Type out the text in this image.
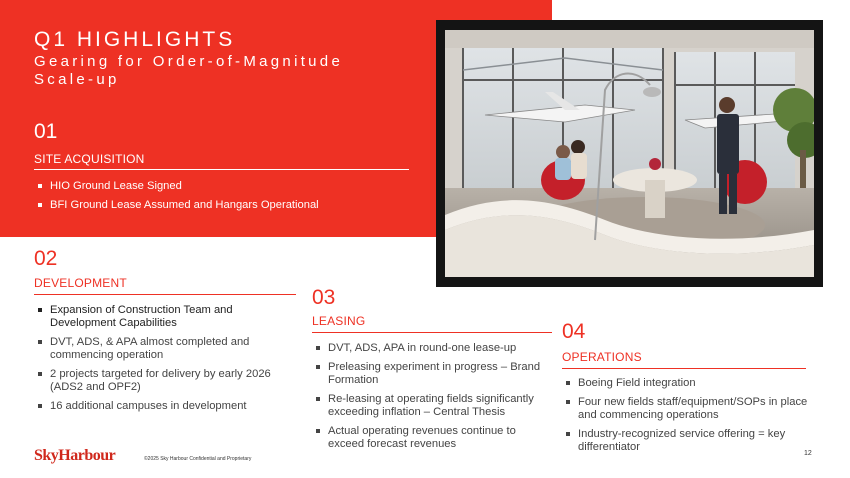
Q1 HIGHLIGHTS
Gearing for Order-of-Magnitude Scale-up
01
SITE ACQUISITION
HIO Ground Lease Signed
BFI Ground Lease Assumed and Hangars Operational
02
DEVELOPMENT
Expansion of Construction Team and Development Capabilities
DVT, ADS, & APA almost completed and commencing operation
2 projects targeted for delivery by early 2026 (ADS2 and OPF2)
16 additional campuses in development
03
LEASING
DVT, ADS, APA in round-one lease-up
Preleasing experiment in progress – Brand Formation
Re-leasing at operating fields significantly exceeding inflation – Central Thesis
Actual operating revenues continue to exceed forecast revenues
04
OPERATIONS
Boeing Field integration
Four new fields staff/equipment/SOPs in place and commencing operations
Industry-recognized service offering = key differentiator
SkyHarbour	©2025 Sky Harbour Confidential and Proprietary
12
